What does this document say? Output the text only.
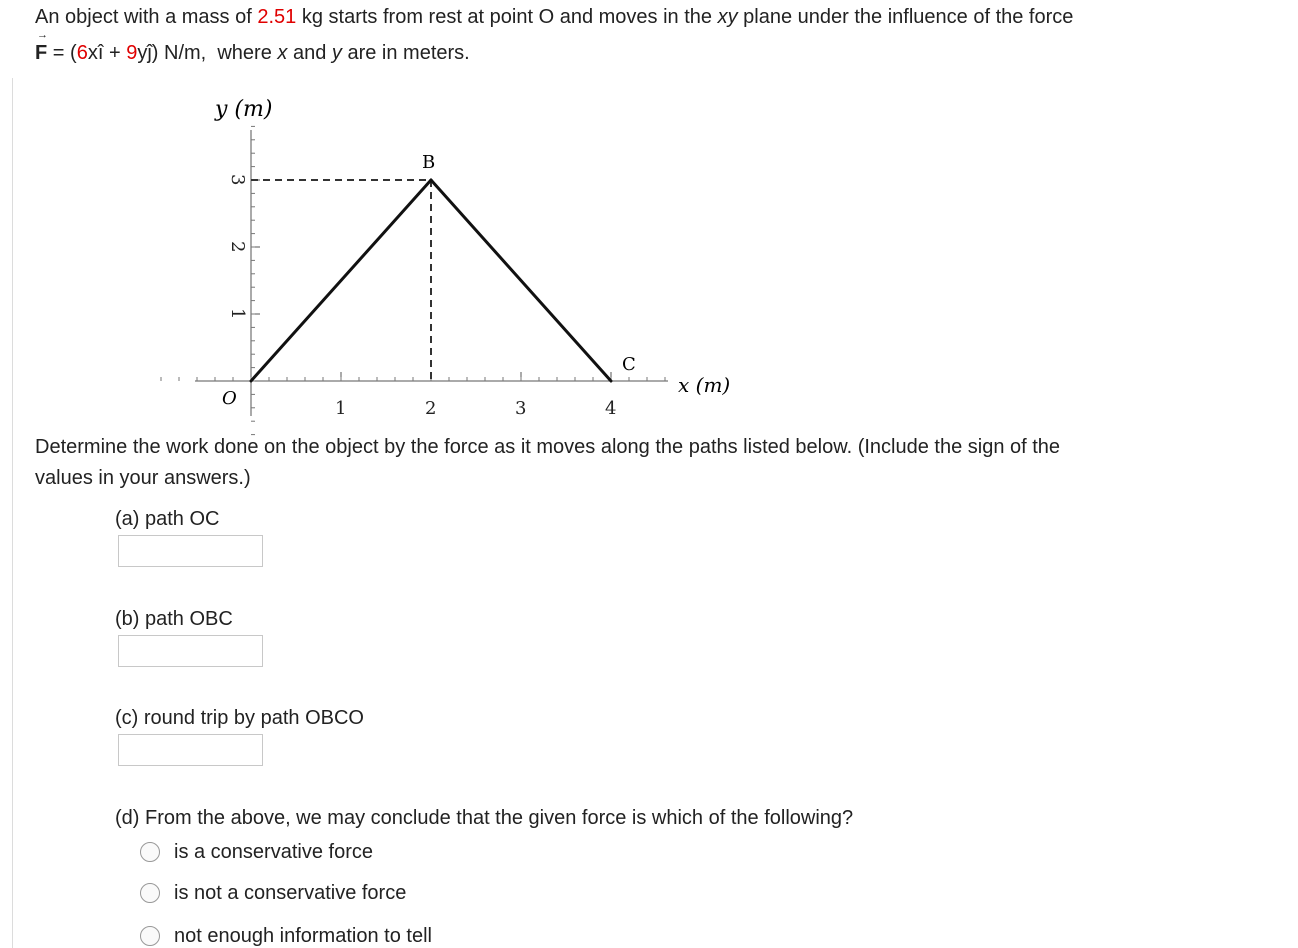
An object with a mass of 2.51 kg starts from rest at point O and moves in the xy plane under the influence of the force
→ F = (6xî + 9yĵ) N/m, where x and y are in meters.
y (m)
x (m)
O
B
C
1	2	3	4
1
2
3
Determine the work done on the object by the force as it moves along the paths listed below. (Include the sign of the
values in your answers.)
(a) path OC
(b) path OBC
(c) round trip by path OBCO
(d) From the above, we may conclude that the given force is which of the following?
is a conservative force
is not a conservative force
not enough information to tell
